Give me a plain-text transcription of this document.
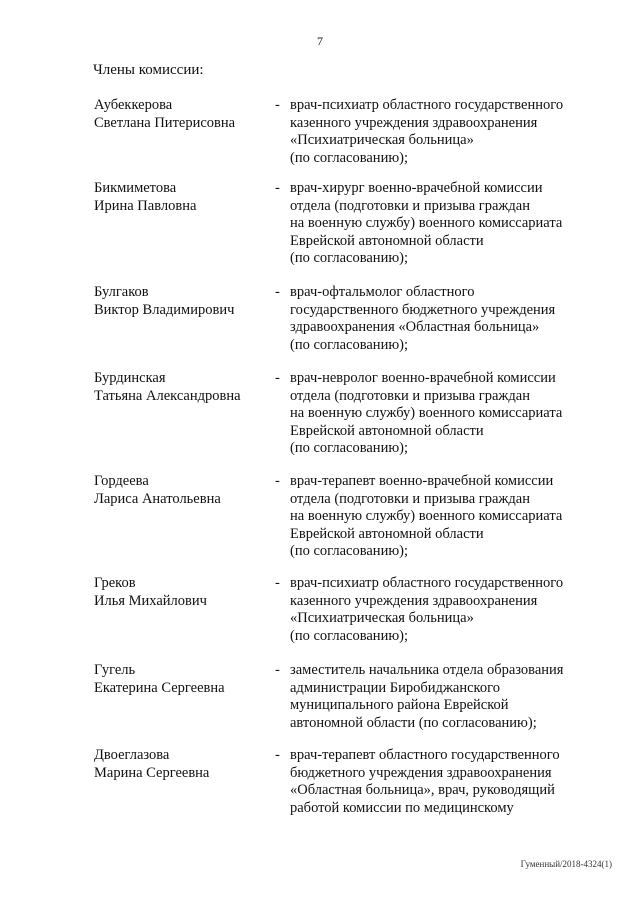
7
Члены комиссии:
Аубеккерова
Светлана Питерисовна
- врач-психиатр областного государственного
казенного учреждения здравоохранения
«Психиатрическая больница»
(по согласованию);
Бикмиметова
Ирина Павловна
- врач-хирург военно-врачебной комиссии
отдела (подготовки и призыва граждан
на военную службу) военного комиссариата
Еврейской автономной области
(по согласованию);
Булгаков
Виктор Владимирович
- врач-офтальмолог областного
государственного бюджетного учреждения
здравоохранения «Областная больница»
(по согласованию);
Бурдинская
Татьяна Александровна
- врач-невролог военно-врачебной комиссии
отдела (подготовки и призыва граждан
на военную службу) военного комиссариата
Еврейской автономной области
(по согласованию);
Гордеева
Лариса Анатольевна
- врач-терапевт военно-врачебной комиссии
отдела (подготовки и призыва граждан
на военную службу) военного комиссариата
Еврейской автономной области
(по согласованию);
Греков
Илья Михайлович
- врач-психиатр областного государственного
казенного учреждения здравоохранения
«Психиатрическая больница»
(по согласованию);
Гугель
Екатерина Сергеевна
- заместитель начальника отдела образования
администрации Биробиджанского
муниципального района Еврейской
автономной области (по согласованию);
Двоеглазова
Марина Сергеевна
- врач-терапевт областного государственного
бюджетного учреждения здравоохранения
«Областная больница», врач, руководящий
работой комиссии по медицинскому
Гуменный/2018-4324(1)
